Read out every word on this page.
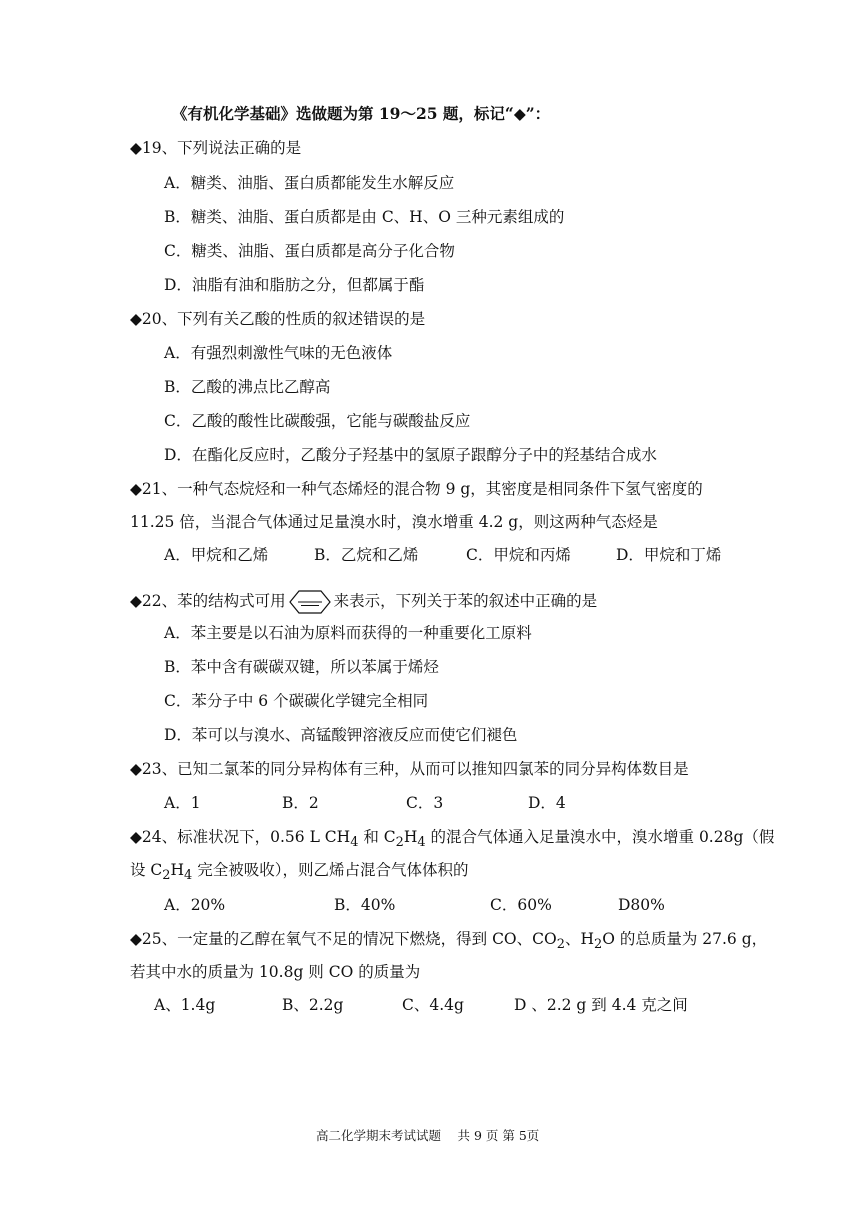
《有机化学基础》选做题为第 19～25 题，标记“◆”：
◆19、下列说法正确的是
A．糖类、油脂、蛋白质都能发生水解反应
B．糖类、油脂、蛋白质都是由 C、H、O 三种元素组成的
C．糖类、油脂、蛋白质都是高分子化合物
D．油脂有油和脂肪之分，但都属于酯
◆20、下列有关乙酸的性质的叙述错误的是
A．有强烈刺激性气味的无色液体
B．乙酸的沸点比乙醇高
C．乙酸的酸性比碳酸强，它能与碳酸盐反应
D．在酯化反应时，乙酸分子羟基中的氢原子跟醇分子中的羟基结合成水
◆21、一种气态烷烃和一种气态烯烃的混合物 9 g，其密度是相同条件下氢气密度的
11.25 倍，当混合气体通过足量溴水时，溴水增重 4.2 g，则这两种气态烃是
A．甲烷和乙烯	B．乙烷和乙烯	C．甲烷和丙烯	D．甲烷和丁烯
◆22、苯的结构式可用	来表示，下列关于苯的叙述中正确的是
A．苯主要是以石油为原料而获得的一种重要化工原料
B．苯中含有碳碳双键，所以苯属于烯烃
C．苯分子中 6 个碳碳化学键完全相同
D．苯可以与溴水、高锰酸钾溶液反应而使它们褪色
◆23、已知二氯苯的同分异构体有三种，从而可以推知四氯苯的同分异构体数目是
A．1	B．2	C．3	D．4
◆24、标准状况下，0.56 L $CH_4$ 和 $C_2H_4$ 的混合气体通入足量溴水中，溴水增重 0.28g（假
设 $C_2H_4$ 完全被吸收），则乙烯占混合气体体积的
A．20%	B．40%	C．60%	D80%
◆25、一定量的乙醇在氧气不足的情况下燃烧，得到 CO、$CO_2$、$H_2O$ 的总质量为 27.6 g，
若其中水的质量为 10.8g 则 CO 的质量为
A、1.4g	B、2.2g	C、4.4g	D 、2.2 g 到 4.4 克之间
高二化学期末考试试题　 共 9 页 第 5页
